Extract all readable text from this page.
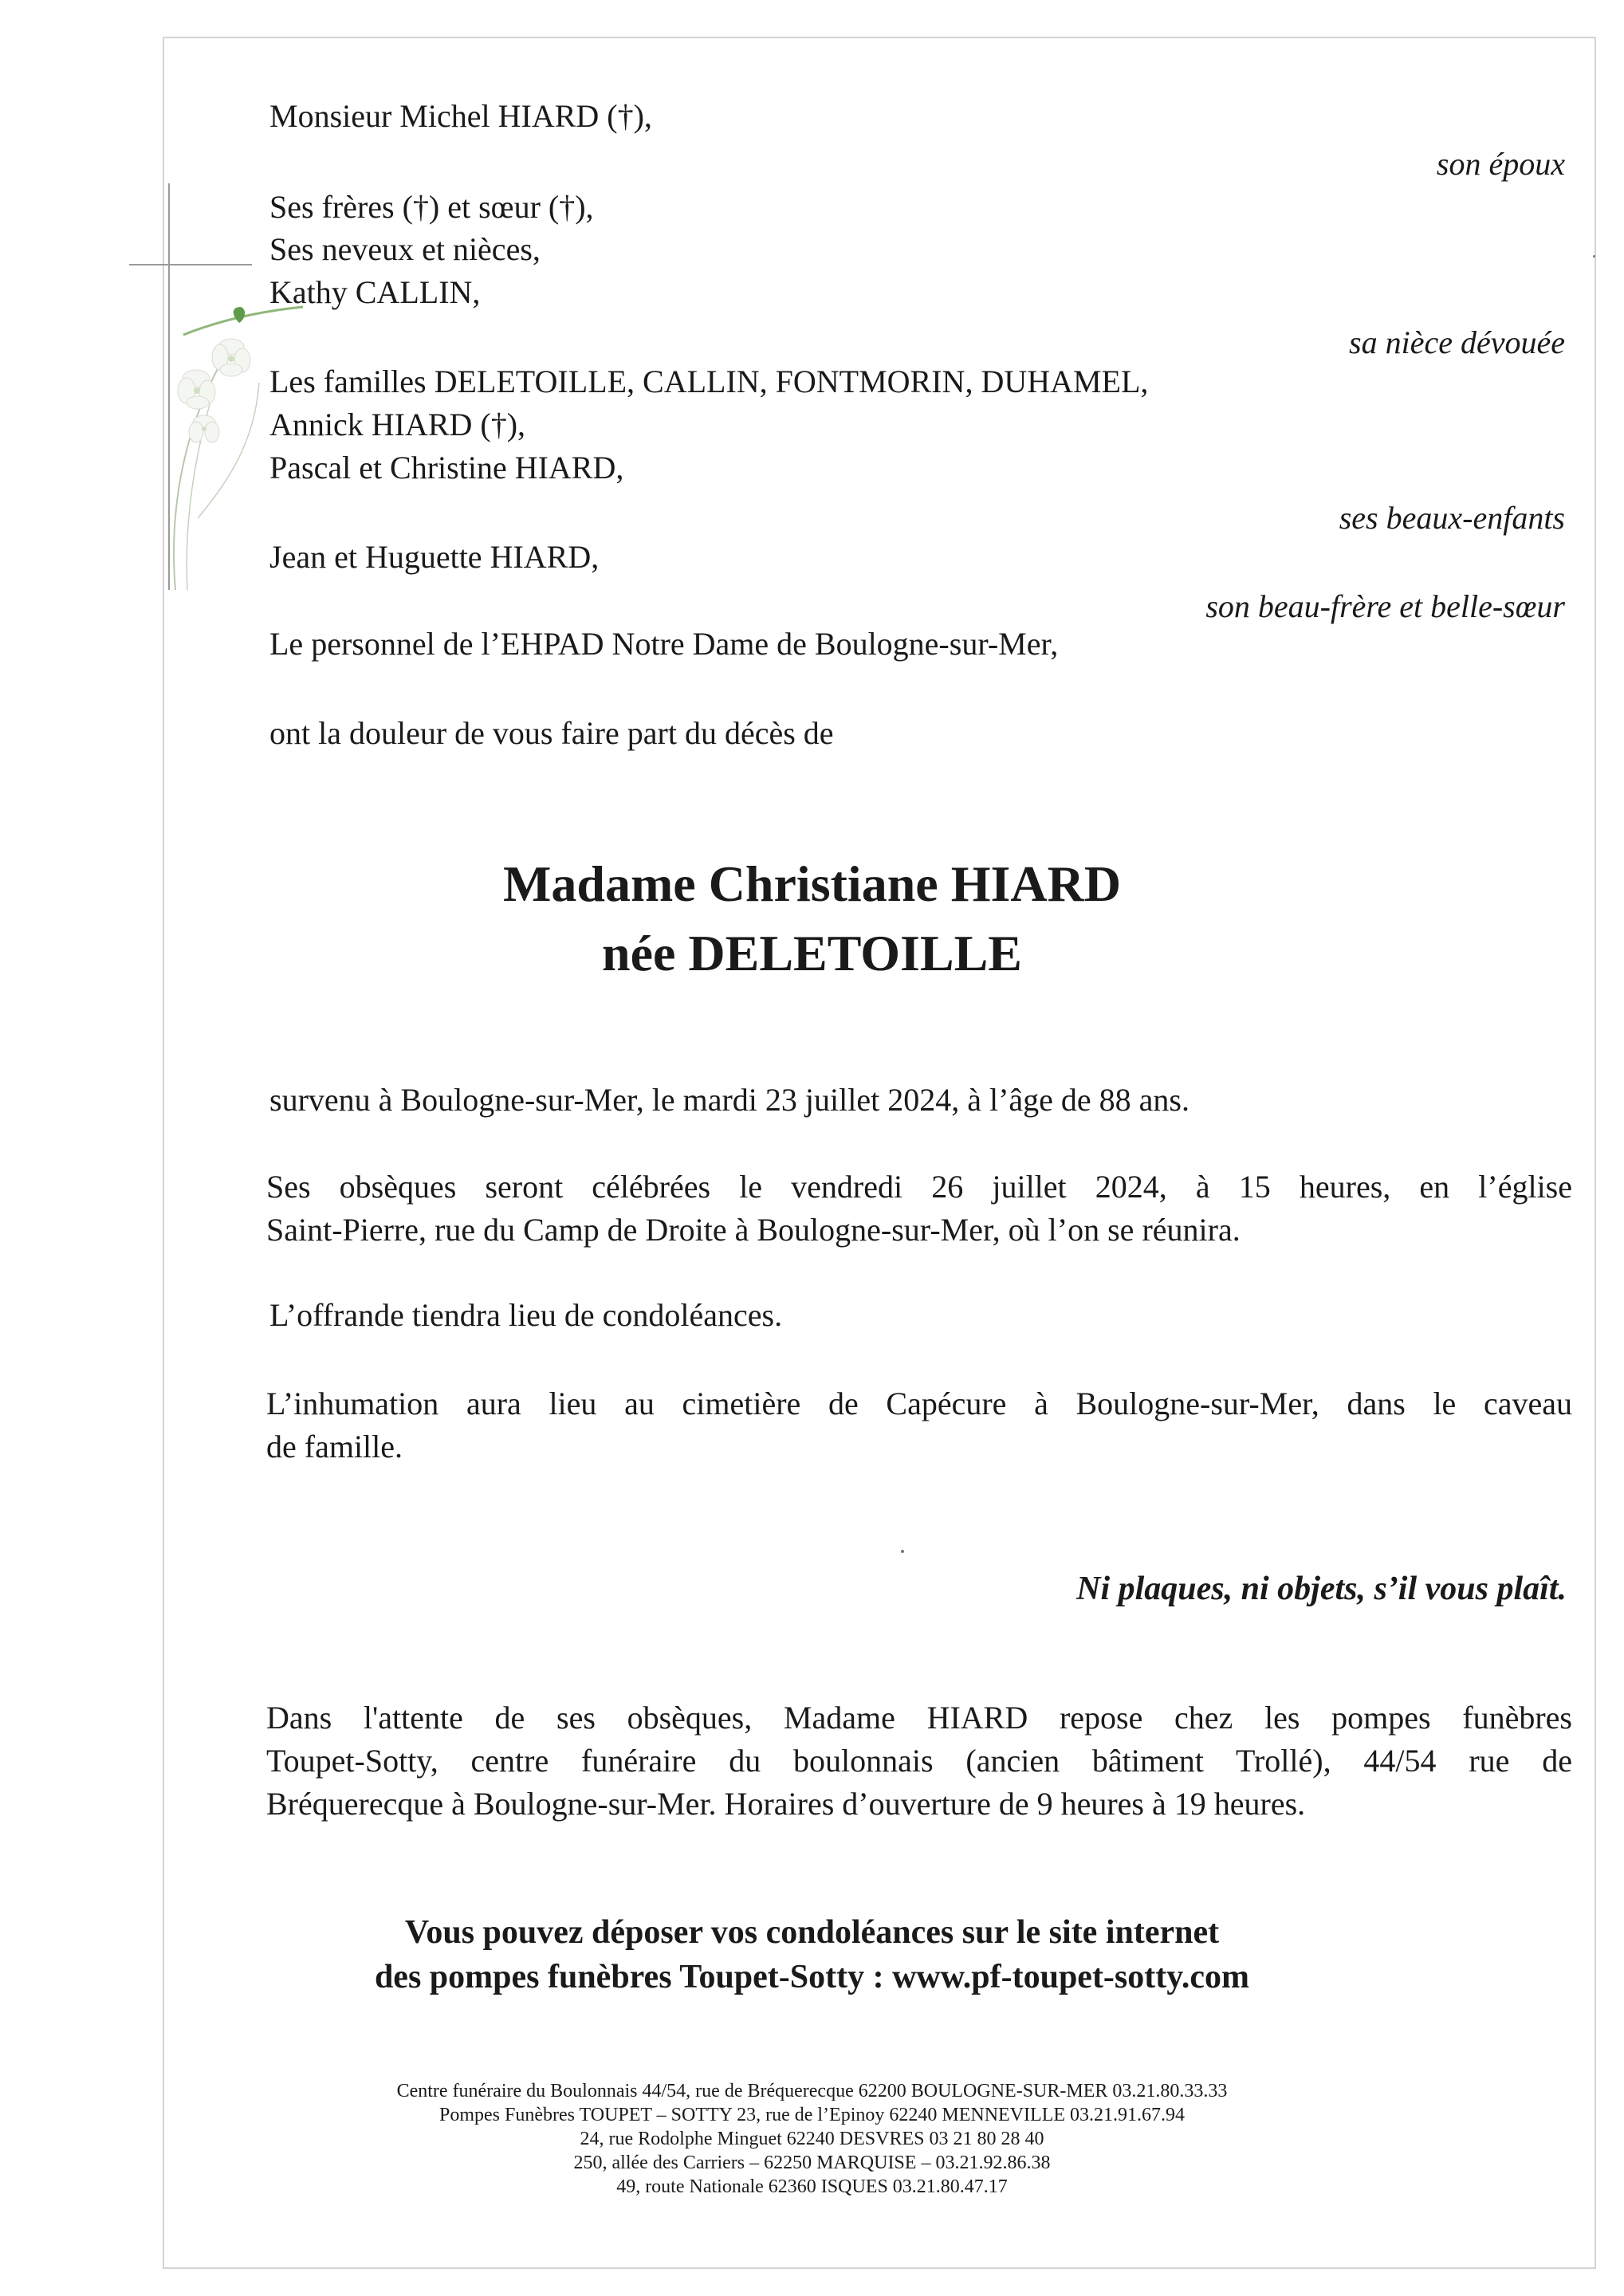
Monsieur Michel HIARD (†),
son époux
Ses frères (†) et sœur (†),
Ses neveux et nièces,
Kathy CALLIN,
sa nièce dévouée
Les familles DELETOILLE, CALLIN, FONTMORIN, DUHAMEL,
Annick HIARD (†),
Pascal et Christine HIARD,
ses beaux-enfants
Jean et Huguette HIARD,
son beau-frère et belle-sœur
Le personnel de l’EHPAD Notre Dame de Boulogne-sur-Mer,
ont la douleur de vous faire part du décès de
Madame Christiane HIARD
née DELETOILLE
survenu à Boulogne-sur-Mer, le mardi 23 juillet 2024, à l’âge de 88 ans.
Ses obsèques seront célébrées le vendredi 26 juillet 2024, à 15 heures, en l’église
Saint-Pierre, rue du Camp de Droite à Boulogne-sur-Mer, où l’on se réunira.
L’offrande tiendra lieu de condoléances.
L’inhumation aura lieu au cimetière de Capécure à Boulogne-sur-Mer, dans le caveau
de famille.
Ni plaques, ni objets, s’il vous plaît.
Dans l'attente de ses obsèques, Madame HIARD repose chez les pompes funèbres
Toupet-Sotty, centre funéraire du boulonnais (ancien bâtiment Trollé), 44/54 rue de
Bréquerecque à Boulogne-sur-Mer. Horaires d’ouverture de 9 heures à 19 heures.
Vous pouvez déposer vos condoléances sur le site internet
des pompes funèbres Toupet-Sotty : www.pf-toupet-sotty.com
Centre funéraire du Boulonnais 44/54, rue de Bréquerecque 62200 BOULOGNE-SUR-MER 03.21.80.33.33
Pompes Funèbres TOUPET – SOTTY 23, rue de l’Epinoy 62240 MENNEVILLE 03.21.91.67.94
24, rue Rodolphe Minguet 62240 DESVRES 03 21 80 28 40
250, allée des Carriers – 62250 MARQUISE – 03.21.92.86.38
49, route Nationale 62360 ISQUES 03.21.80.47.17
